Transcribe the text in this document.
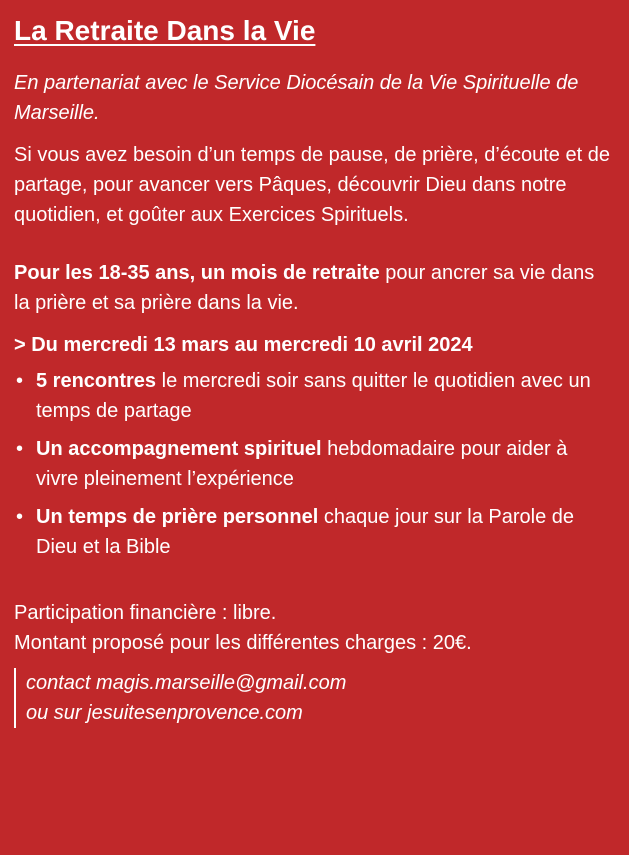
La Retraite Dans la Vie

En partenariat avec le Service Diocésain de la Vie Spirituelle de Marseille.

Si vous avez besoin d’un temps de pause, de prière, d’écoute et de partage, pour avancer vers Pâques, découvrir Dieu dans notre quotidien, et goûter aux Exercices Spirituels.

Pour les 18-35 ans, un mois de retraite pour ancrer sa vie dans la prière et sa prière dans la vie.

> Du mercredi 13 mars au mercredi 10 avril 2024

• 5 rencontres le mercredi soir sans quitter le quotidien avec un temps de partage
• Un accompagnement spirituel hebdomadaire pour aider à vivre pleinement l’expérience
• Un temps de prière personnel chaque jour sur la Parole de Dieu et la Bible

Participation financière : libre.

Montant proposé pour les différentes charges : 20€.

contact magis.marseille@gmail.com
ou sur jesuitesenprovence.com
